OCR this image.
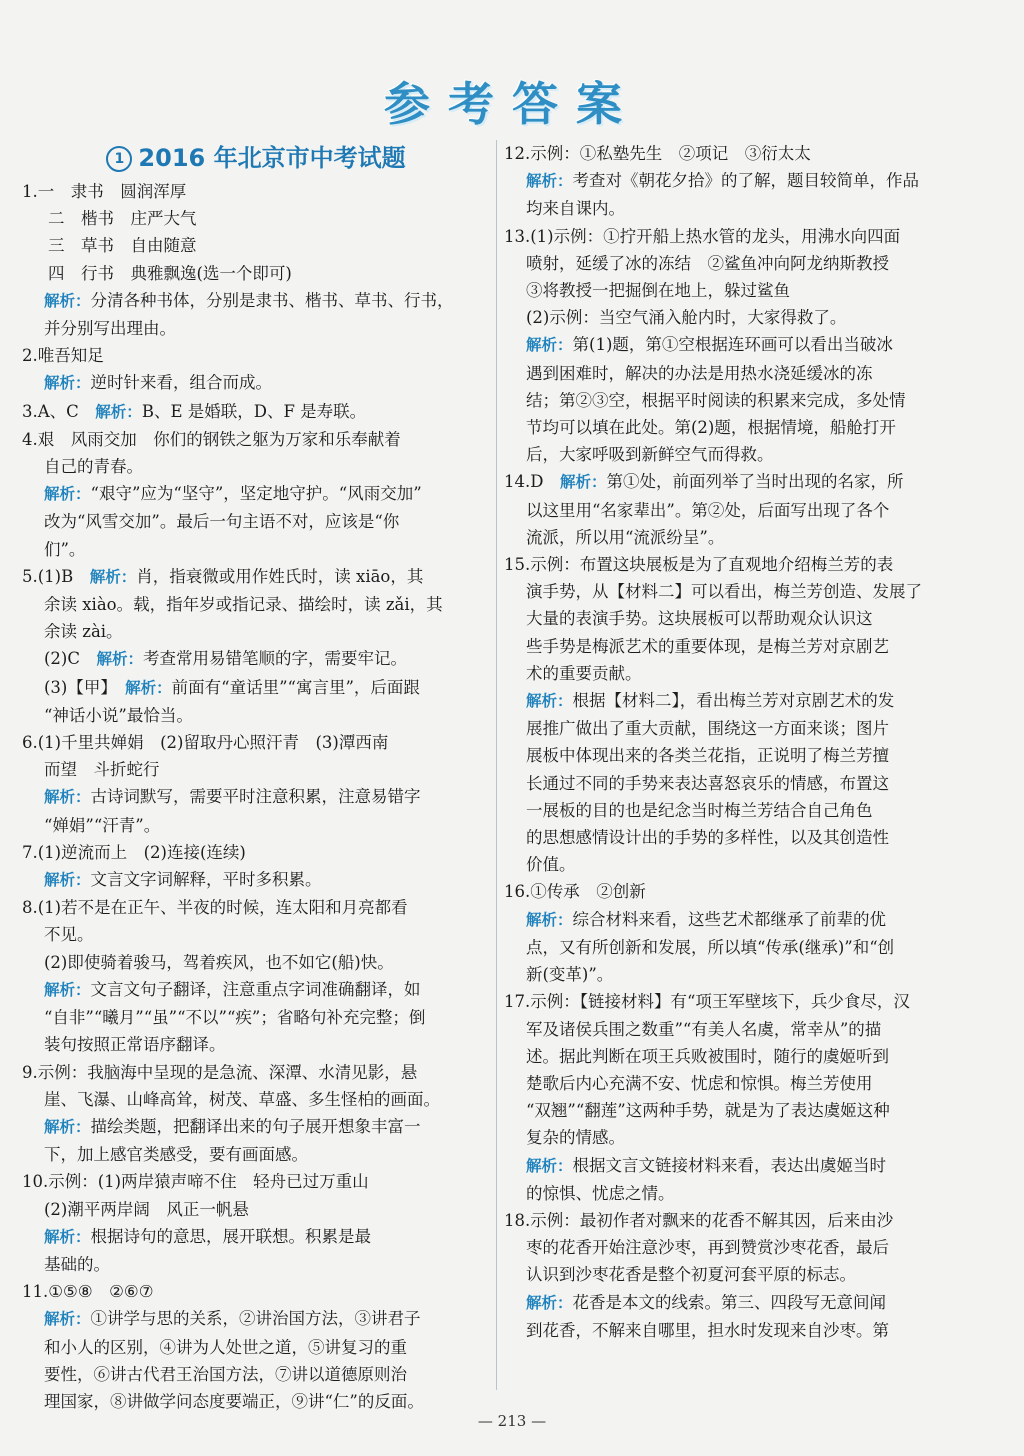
参考答案
1 2016 年北京市中考试题
1.一　隶书　圆润浑厚
二　楷书　庄严大气
三　草书　自由随意
四　行书　典雅飘逸(选一个即可)
解析：分清各种书体，分别是隶书、楷书、草书、行书，
并分别写出理由。
2.唯吾知足
解析：逆时针来看，组合而成。
3.A、C　解析：B、E 是婚联，D、F 是寿联。
4.艰　风雨交加　你们的钢铁之躯为万家和乐奉献着
自己的青春。
解析：“艰守”应为“坚守”，坚定地守护。“风雨交加”
改为“风雪交加”。最后一句主语不对，应该是“你
们”。
5.(1)B　解析：肖，指衰微或用作姓氏时，读 xiāo，其
余读 xiào。载，指年岁或指记录、描绘时，读 zǎi，其
余读 zài。
(2)C　解析：考查常用易错笔顺的字，需要牢记。
(3)【甲】　解析：前面有“童话里”“寓言里”，后面跟
“神话小说”最恰当。
6.(1)千里共婵娟　(2)留取丹心照汗青　(3)潭西南
而望　斗折蛇行
解析：古诗词默写，需要平时注意积累，注意易错字
“婵娟”“汗青”。
7.(1)逆流而上　(2)连接(连续)
解析：文言文字词解释，平时多积累。
8.(1)若不是在正午、半夜的时候，连太阳和月亮都看
不见。
(2)即使骑着骏马，驾着疾风，也不如它(船)快。
解析：文言文句子翻译，注意重点字词准确翻译，如
“自非”“曦月”“虽”“不以”“疾”；省略句补充完整；倒
装句按照正常语序翻译。
9.示例：我脑海中呈现的是急流、深潭、水清见影，悬
崖、飞瀑、山峰高耸，树茂、草盛、多生怪柏的画面。
解析：描绘类题，把翻译出来的句子展开想象丰富一
下，加上感官类感受，要有画面感。
10.示例：(1)两岸猿声啼不住　轻舟已过万重山
(2)潮平两岸阔　风正一帆悬
解析：根据诗句的意思，展开联想。积累是最
基础的。
11.①⑤⑧　②⑥⑦
解析：①讲学与思的关系，②讲治国方法，③讲君子
和小人的区别，④讲为人处世之道，⑤讲复习的重
要性，⑥讲古代君王治国方法，⑦讲以道德原则治
理国家，⑧讲做学问态度要端正，⑨讲“仁”的反面。
12.示例：①私塾先生　②项记　③衍太太
解析：考查对《朝花夕拾》的了解，题目较简单，作品
均来自课内。
13.(1)示例：①拧开船上热水管的龙头，用沸水向四面
喷射，延缓了冰的冻结　②鲨鱼冲向阿龙纳斯教授
③将教授一把掘倒在地上，躲过鲨鱼
(2)示例：当空气涌入舱内时，大家得救了。
解析：第(1)题，第①空根据连环画可以看出当破冰
遇到困难时，解决的办法是用热水浇延缓冰的冻
结；第②③空，根据平时阅读的积累来完成，多处情
节均可以填在此处。第(2)题，根据情境，船舱打开
后，大家呼吸到新鲜空气而得救。
14.D　解析：第①处，前面列举了当时出现的名家，所
以这里用“名家辈出”。第②处，后面写出现了各个
流派，所以用“流派纷呈”。
15.示例：布置这块展板是为了直观地介绍梅兰芳的表
演手势，从【材料二】可以看出，梅兰芳创造、发展了
大量的表演手势。这块展板可以帮助观众认识这
些手势是梅派艺术的重要体现，是梅兰芳对京剧艺
术的重要贡献。
解析：根据【材料二】，看出梅兰芳对京剧艺术的发
展推广做出了重大贡献，围绕这一方面来谈；图片
展板中体现出来的各类兰花指，正说明了梅兰芳擅
长通过不同的手势来表达喜怒哀乐的情感，布置这
一展板的目的也是纪念当时梅兰芳结合自己角色
的思想感情设计出的手势的多样性，以及其创造性
价值。
16.①传承　②创新
解析：综合材料来看，这些艺术都继承了前辈的优
点，又有所创新和发展，所以填“传承(继承)”和“创
新(变革)”。
17.示例：【链接材料】有“项王军壁垓下，兵少食尽，汉
军及诸侯兵围之数重”“有美人名虞，常幸从”的描
述。据此判断在项王兵败被围时，随行的虞姬听到
楚歌后内心充满不安、忧虑和惊惧。梅兰芳使用
“双翘”“翻莲”这两种手势，就是为了表达虞姬这种
复杂的情感。
解析：根据文言文链接材料来看，表达出虞姬当时
的惊惧、忧虑之情。
18.示例：最初作者对飘来的花香不解其因，后来由沙
枣的花香开始注意沙枣，再到赞赏沙枣花香，最后
认识到沙枣花香是整个初夏河套平原的标志。
解析：花香是本文的线索。第三、四段写无意间闻
到花香，不解来自哪里，担水时发现来自沙枣。第
— 213 —
